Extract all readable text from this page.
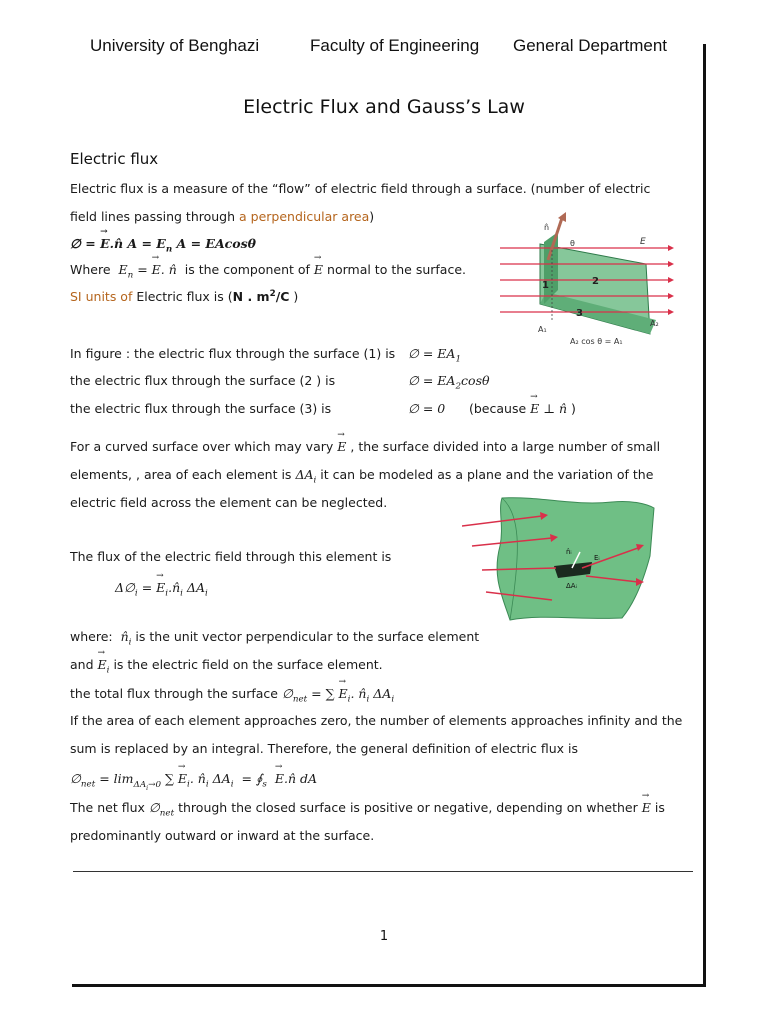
University of Benghazi	Faculty of Engineering General Department
Electric Flux and Gauss’s Law
Electric flux
Electric flux is a measure of the “flow” of electric field through a surface. (number of electric
field lines passing through a perpendicular area)
∅ = → E.n̂ $A = E_n$ A = EAcosθ
Where $E_n$ = → E. n̂ is the component of → E normal to the surface.
SI units of Electric flux is (N . $m^2/C$ )
n̂
θ	E
1	2
3
A₁
A₂
A₂ cos θ = A₁
In figure : the electric flux through the surface (1) is ∅ = $EA_1$
the electric flux through the surface (2 ) is	∅ = $EA_2\cos\theta$
the electric flux through the surface (3) is	∅ = 0 (because → E ⊥ n̂ )
For a curved surface over which may vary → E , the surface divided into a large number of small
elements, , area of each element is $\Delta A_i$ it can be modeled as a plane and the variation of the
electric field across the element can be neglected.
n̂ᵢ
Eᵢ
ΔAᵢ
The flux of the electric field through this element is
$\Delta\emptyset_i$ = → $E_i.n̂_i$ $\Delta A_i$
where: $n̂_i$ is the unit vector perpendicular to the surface element
and → $E_i$ is the electric field on the surface element.
the total flux through the surface $\emptyset_{net}$ = ∑ → $E_i$. $n̂_i$ $\Delta A_i$
If the area of each element approaches zero, the number of elements approaches infinity and the
sum is replaced by an integral. Therefore, the general definition of electric flux is
$\emptyset_{net} = \lim_{\Delta A_i\to 0}$ ∑ → $E_i$. $n̂_i$ $\Delta A_i$  = $∮_s$ → E.n̂ dA
The net flux $\emptyset_{net}$ through the closed surface is positive or negative, depending on whether → E is
predominantly outward or inward at the surface.
1
